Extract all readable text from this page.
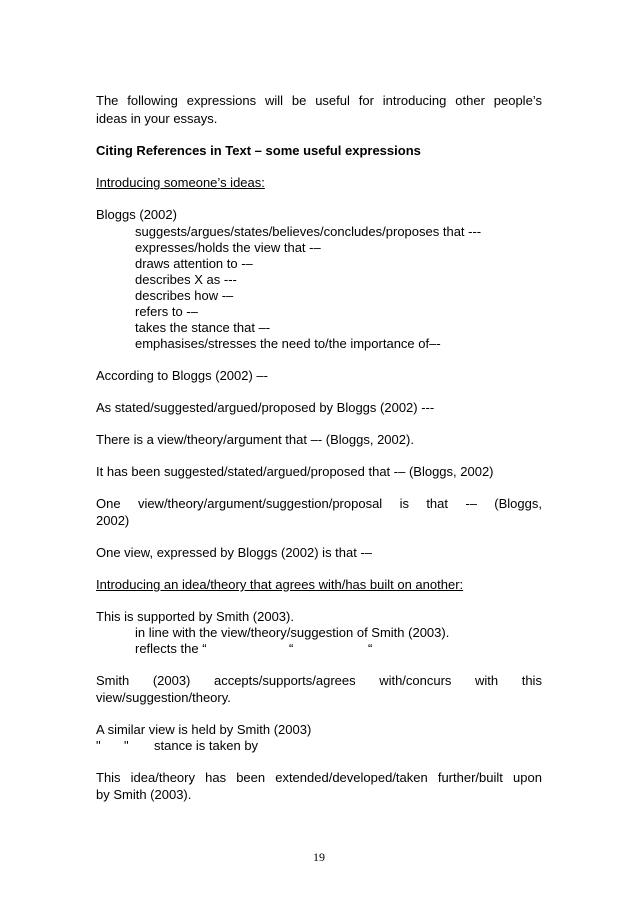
The following expressions will be useful for introducing other people’s
ideas in your essays.
Citing References in Text – some useful expressions
Introducing someone’s ideas:
Bloggs (2002)
suggests/argues/states/believes/concludes/proposes that ---
expresses/holds the view that -–
draws attention to -–
describes X as ---
describes how -–
refers to -–
takes the stance that –-
emphasises/stresses the need to/the importance of–-
According to Bloggs (2002) –-
As stated/suggested/argued/proposed by Bloggs (2002) ---
There is a view/theory/argument that –- (Bloggs, 2002).
It has been suggested/stated/argued/proposed that -– (Bloggs, 2002)
One view/theory/argument/suggestion/proposal is that -– (Bloggs,
2002)
One view, expressed by Bloggs (2002) is that -–
Introducing an idea/theory that agrees with/has built on another:
This is supported by Smith (2003).
in line with the view/theory/suggestion of Smith (2003).
reflects the “	“	“
Smith (2003) accepts/supports/agrees with/concurs with this
view/suggestion/theory.
A similar view is held by Smith (2003)
" " stance is taken by
This idea/theory has been extended/developed/taken further/built upon
by Smith (2003).
19
